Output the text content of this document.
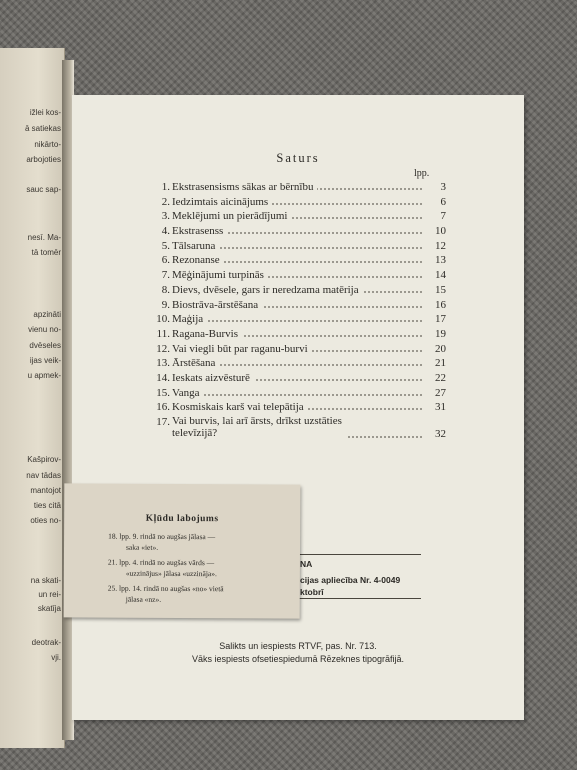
ižlei kos-
ā satiekas
nikārto-
arbojoties
sauc sap-
nesī. Ma-
tā tomēr
apzināti
vienu no-
dvēseles
ijas veik-
u apmek-
Kašpirov-
nav tādas
mantojot
ties citā
oties no-
na skati-
un rei-
skatīja
deotrak-
vji.
Saturs
lpp.
1. Ekstrasensisms sākas ar bērnību	3
2. Iedzimtais aicinājums	6
3. Meklējumi un pierādījumi	7
4. Ekstrasenss	10
5. Tālsaruna	12
6. Rezonanse	13
7. Mēģinājumi turpinās	14
8. Dievs, dvēsele, gars ir neredzama matērija	15
9. Biostrāva-ārstēšana	16
10. Maģija	17
11. Ragana-Burvis	19
12. Vai viegli būt par raganu-burvi	20
13. Ārstēšana	21
14. Ieskats aizvēsturē	22
15. Vanga	27
16. Kosmiskais karš vai telepātija	31
17. Vai burvis, lai arī ārsts, drīkst uzstāties
televīzijā?	32
NA
cijas apliecība Nr. 4-0049
ktobrī
Salikts un iespiests RTVF, pas. Nr. 713.
Vāks iespiests ofsetiespiedumā Rēzeknes tipogrāfijā.
Kļūdu labojums
18. lpp. 9. rindā no augšas jālasa —
saka «iet».
21. lpp. 4. rindā no augšas vārds —
«uzzinājus» jālasa «uzzināja».
25. lpp. 14. rindā no augšas «no» vietā
jālasa «nz».
